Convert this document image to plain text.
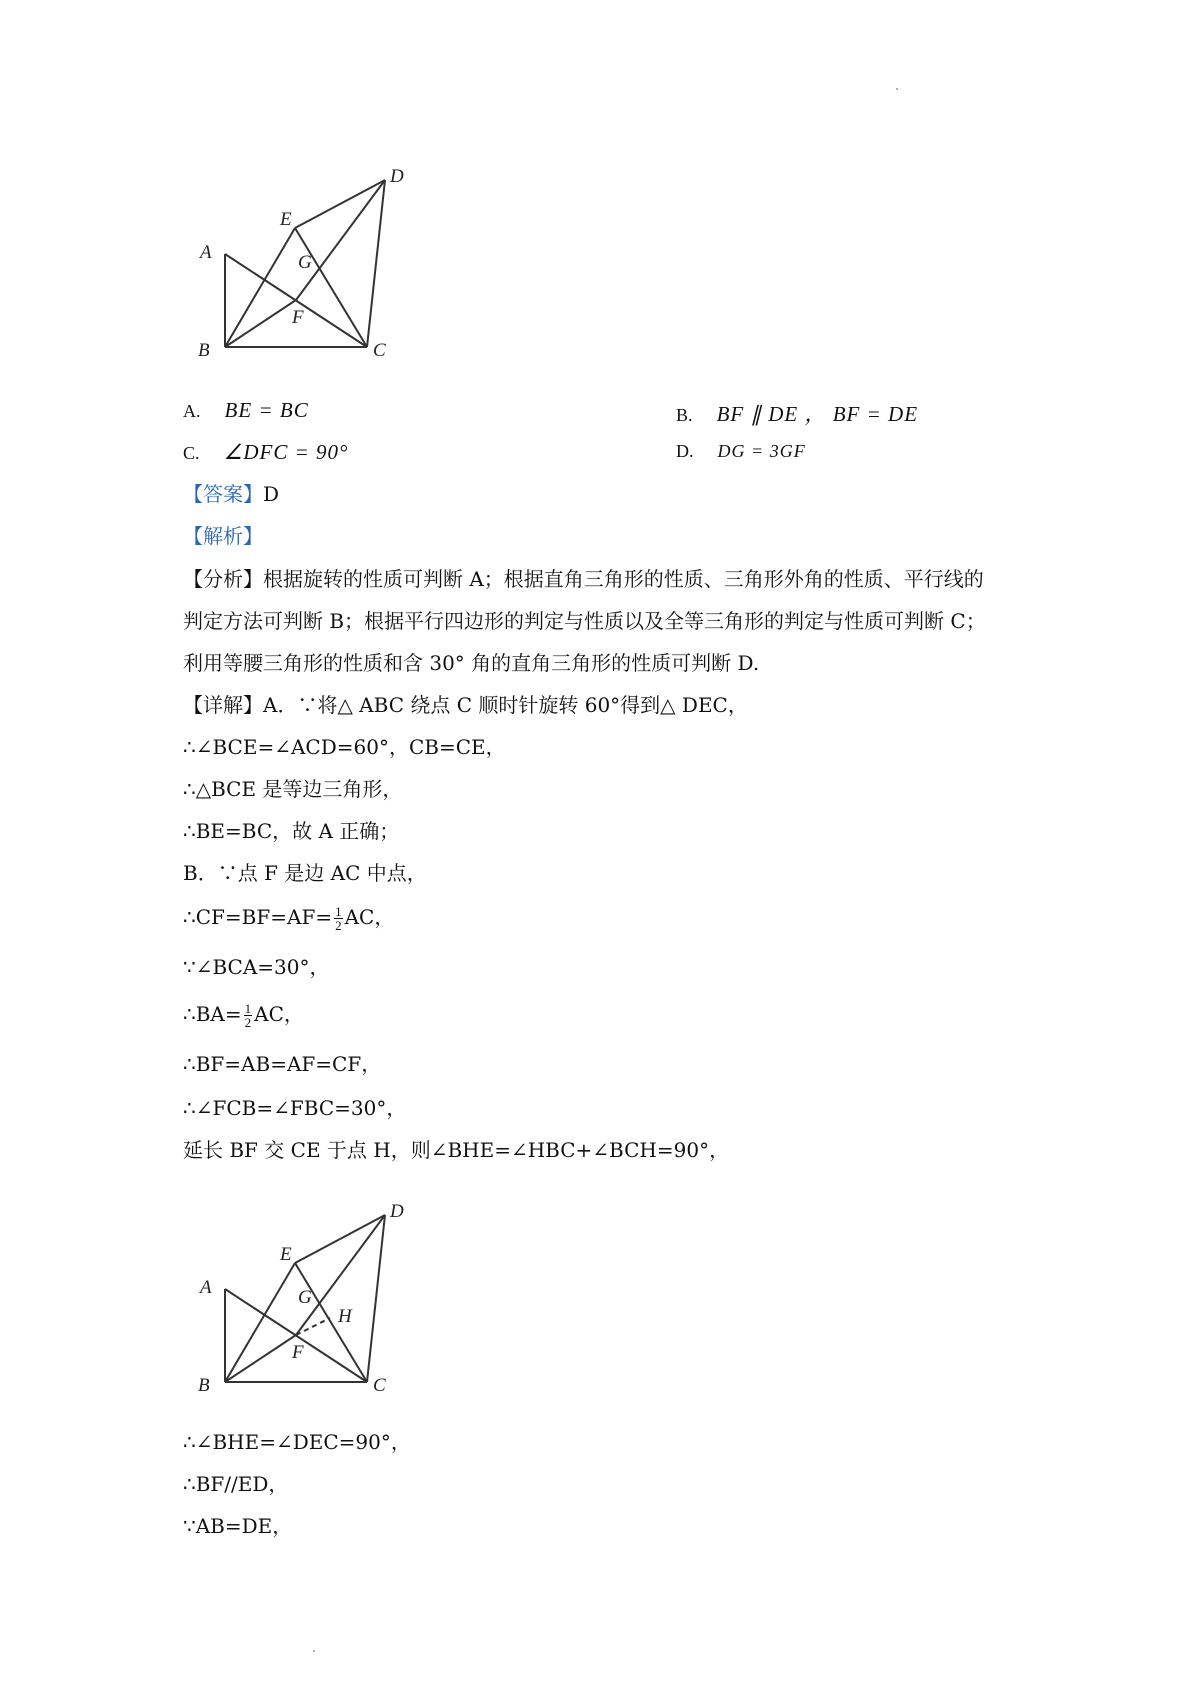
A
B	C
D
E
F
G
A. BE = BC	B. BF ∥ DE ， BF = DE
C. ∠DFC = 90°	D. DG = 3GF
【答案】D
【解析】
【分析】根据旋转的性质可判断 A；根据直角三角形的性质、三角形外角的性质、平行线的
判定方法可判断 B；根据平行四边形的判定与性质以及全等三角形的判定与性质可判断 C；
利用等腰三角形的性质和含 30° 角的直角三角形的性质可判断 D.
【详解】A．∵将△ ABC 绕点 C 顺时针旋转 60°得到△ DEC，
∴∠BCE=∠ACD=60°，CB=CE，
∴△BCE 是等边三角形，
∴BE=BC，故 A 正确；
B．∵点 F 是边 AC 中点，
∴CF=BF=AF= $\frac{1}{2}$ AC，
∵∠BCA=30°，
∴BA= $\frac{1}{2}$ AC，
∴BF=AB=AF=CF，
∴∠FCB=∠FBC=30°，
延长 BF 交 CE 于点 H，则∠BHE=∠HBC+∠BCH=90°，
A
B	C
D
E
F
G
H
∴∠BHE=∠DEC=90°，
∴BF//ED，
∵AB=DE，
